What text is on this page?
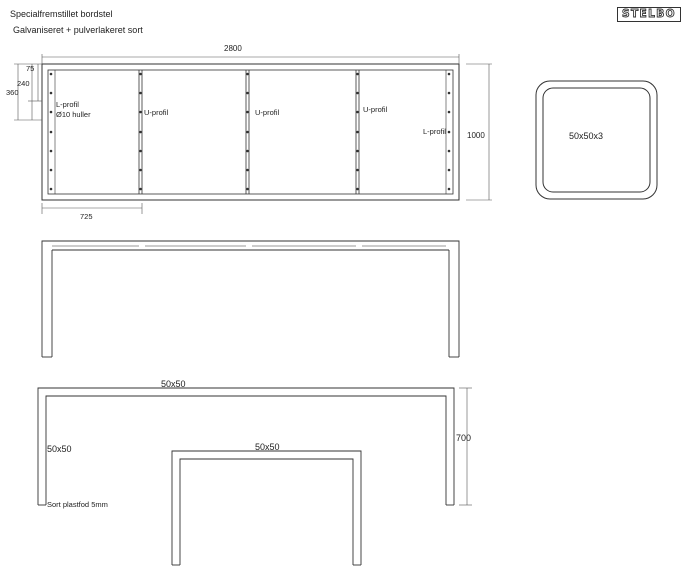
Specialfremstillet bordstel
Galvaniseret + pulverlakeret sort
2800
1000
75
240
360
725
L-profil
Ø10 huller	U-profil	U-profil	U-profil
L-profil	50x50x3
50x50
50x50
Sort plastfod 5mm
700
50x50
STELBO
